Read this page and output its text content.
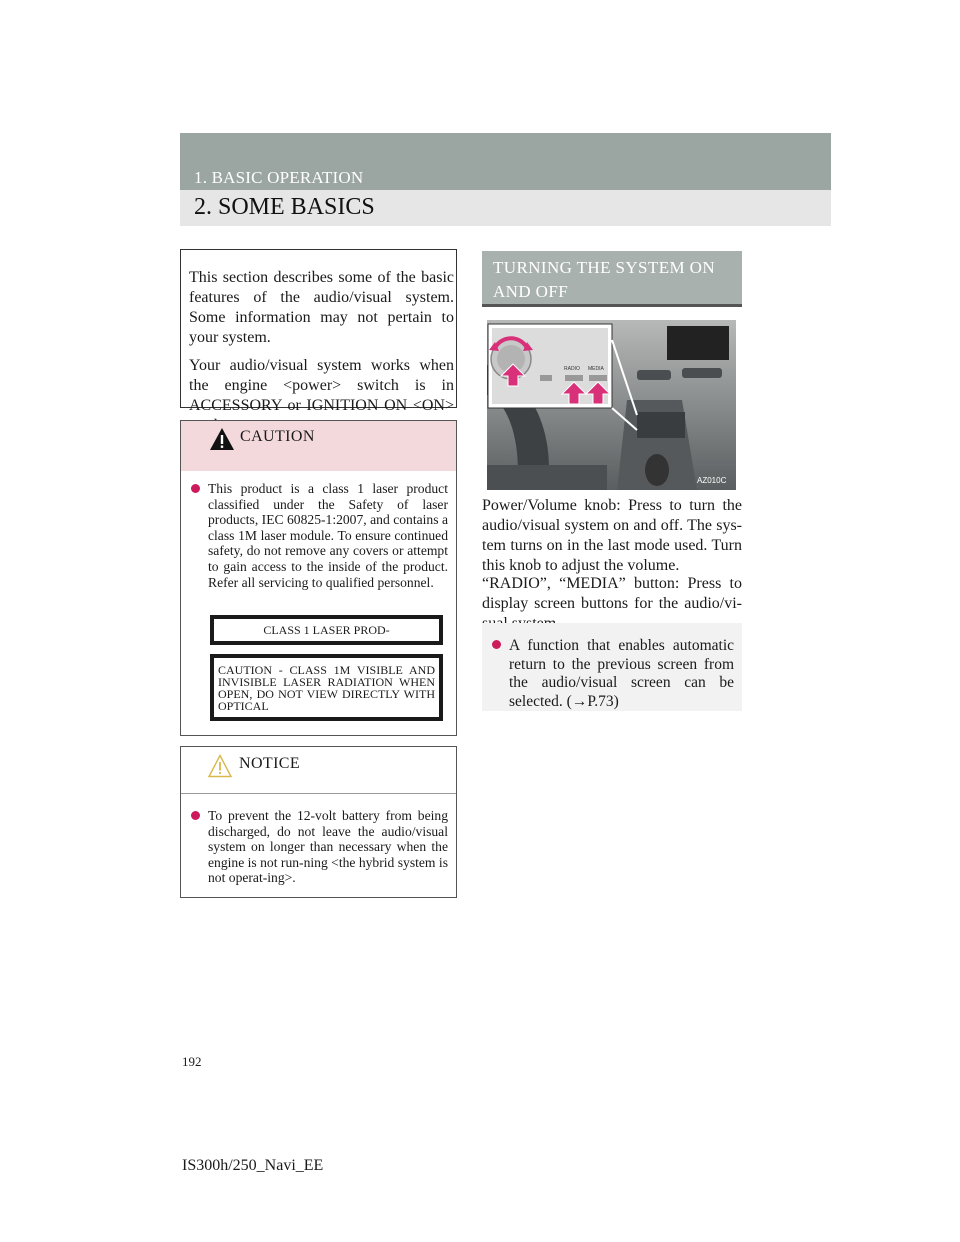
1. BASIC OPERATION
2. SOME BASICS

This section describes some of the basic features of the audio/visual system. Some information may not pertain to your system.

Your audio/visual system works when the engine <power> switch is in ACCESSORY or IGNITION ON <ON>

CAUTION

This product is a class 1 laser product classified under the Safety of laser products, IEC 60825-1:2007, and contains a class 1M laser module. To ensure continued safety, do not remove any covers or attempt to gain access to the inside of the product. Refer all servicing to qualified personnel.

CLASS 1 LASER PROD-
CAUTION - CLASS 1M VISIBLE AND INVISIBLE LASER RADIATION WHEN OPEN, DO NOT VIEW DIRECTLY WITH OPTICAL
NOTICE

To prevent the 12-volt battery from being discharged, do not leave the audio/visual system on longer than necessary when the engine is not run-ning <the hybrid system is not operat-ing>.

TURNING THE SYSTEM ON AND OFF
RADIO MEDIA
AZ010C

Power/Volume knob: Press to turn the audio/visual system on and off. The sys-tem turns on in the last mode used. Turn this knob to adjust the volume.

“RADIO”, “MEDIA” button: Press to display screen buttons for the audio/vi-

A function that enables automatic return to the previous screen from the audio/visual screen can be selected. (→P.73)

192
IS300h/250_Navi_EE
